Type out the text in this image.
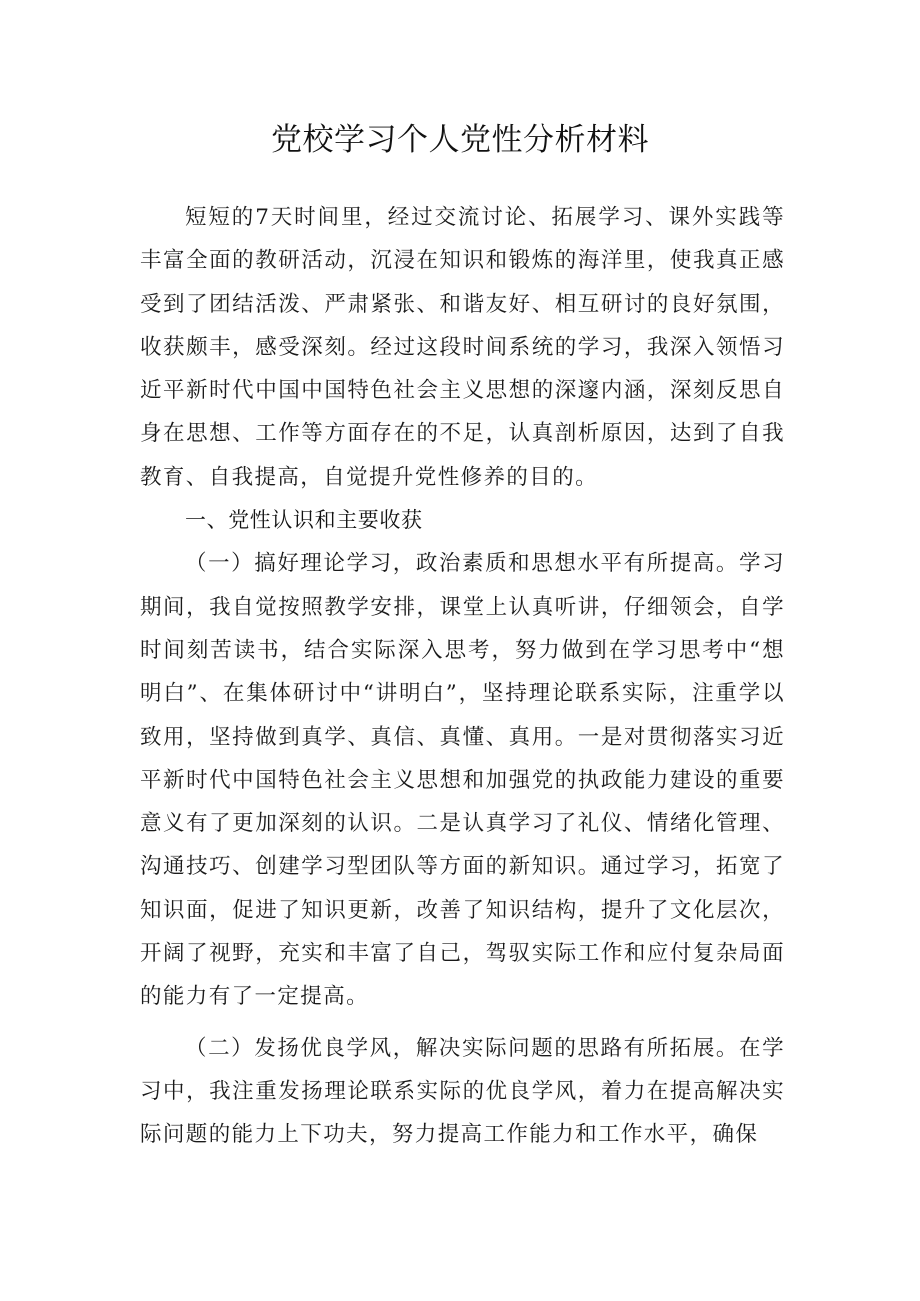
党校学习个人党性分析材料

短短的7天时间里，经过交流讨论、拓展学习、课外实践等丰富全面的教研活动，沉浸在知识和锻炼的海洋里，使我真正感受到了团结活泼、严肃紧张、和谐友好、相互研讨的良好氛围，收获颇丰，感受深刻。经过这段时间系统的学习，我深入领悟习近平新时代中国中国特色社会主义思想的深邃内涵，深刻反思自身在思想、工作等方面存在的不足，认真剖析原因，达到了自我教育、自我提高，自觉提升党性修养的目的。

一、党性认识和主要收获

（一）搞好理论学习，政治素质和思想水平有所提高。学习期间，我自觉按照教学安排，课堂上认真听讲，仔细领会，自学时间刻苦读书，结合实际深入思考，努力做到在学习思考中“想明白”、在集体研讨中“讲明白”，坚持理论联系实际，注重学以致用，坚持做到真学、真信、真懂、真用。一是对贯彻落实习近平新时代中国特色社会主义思想和加强党的执政能力建设的重要意义有了更加深刻的认识。二是认真学习了礼仪、情绪化管理、沟通技巧、创建学习型团队等方面的新知识。通过学习，拓宽了知识面，促进了知识更新，改善了知识结构，提升了文化层次，开阔了视野，充实和丰富了自己，驾驭实际工作和应付复杂局面的能力有了一定提高。

（二）发扬优良学风，解决实际问题的思路有所拓展。在学习中，我注重发扬理论联系实际的优良学风，着力在提高解决实际问题的能力上下功夫，努力提高工作能力和工作水平，确保
